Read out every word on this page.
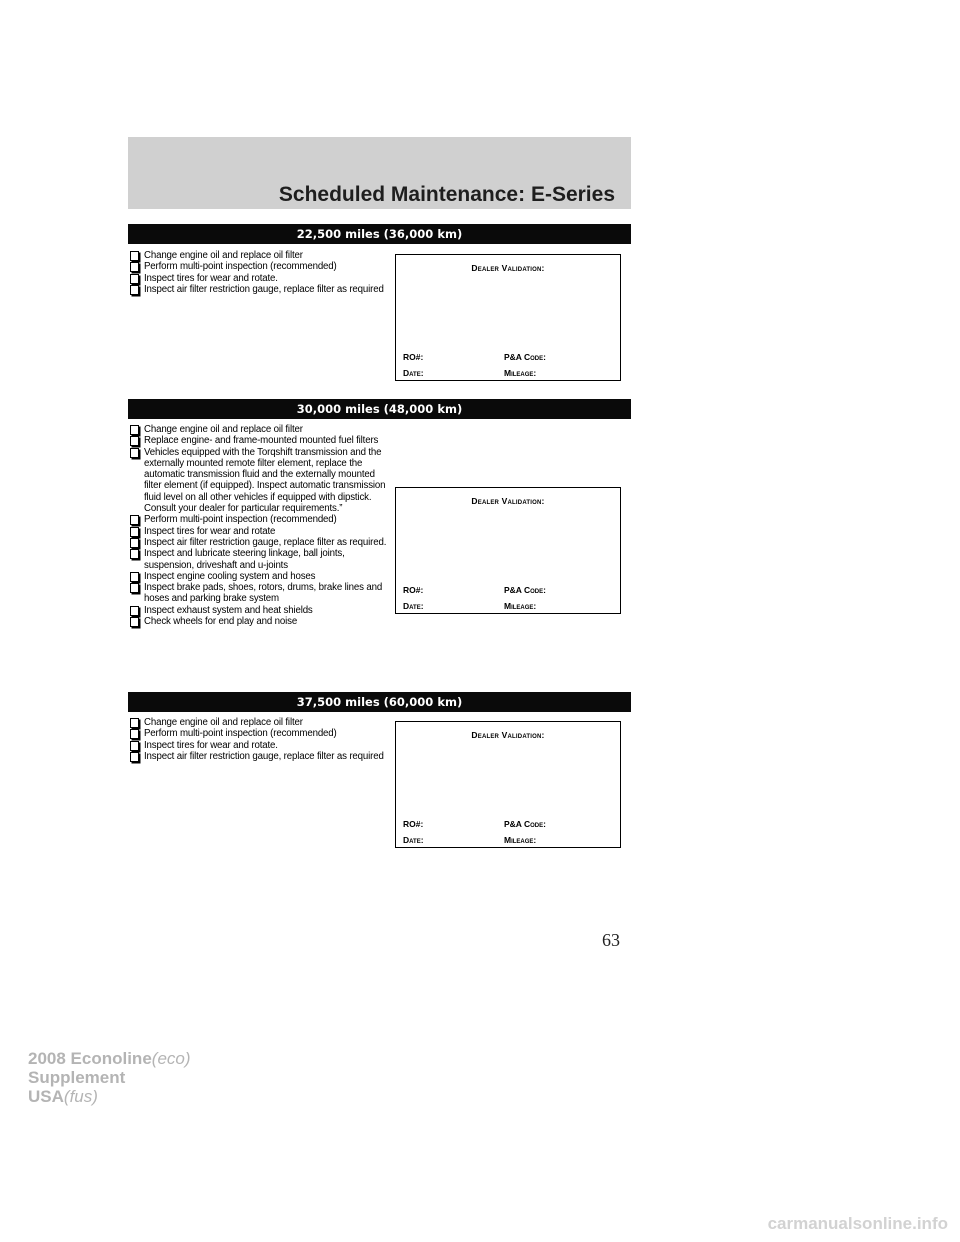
Scheduled Maintenance: E-Series
22,500 miles (36,000 km)
Change engine oil and replace oil filter
Perform multi-point inspection (recommended)
Inspect tires for wear and rotate.
Inspect air filter restriction gauge, replace filter as required
Dealer Validation:
RO#:	P&A Code:
Date:	Mileage:
30,000 miles (48,000 km)
Change engine oil and replace oil filter
Replace engine- and frame-mounted mounted fuel filters
Vehicles equipped with the Torqshift transmission and the externally mounted remote filter element, replace the automatic transmission fluid and the externally mounted filter element (if equipped). Inspect automatic transmission fluid level on all other vehicles if equipped with dipstick. Consult your dealer for particular requirements.”
Perform multi-point inspection (recommended)
Inspect tires for wear and rotate
Inspect air filter restriction gauge, replace filter as required.
Inspect and lubricate steering linkage, ball joints, suspension, driveshaft and u-joints
Inspect engine cooling system and hoses
Inspect brake pads, shoes, rotors, drums, brake lines and hoses and parking brake system
Inspect exhaust system and heat shields
Check wheels for end play and noise
Dealer Validation:
RO#:	P&A Code:
Date:	Mileage:
37,500 miles (60,000 km)
Change engine oil and replace oil filter
Perform multi-point inspection (recommended)
Inspect tires for wear and rotate.
Inspect air filter restriction gauge, replace filter as required
Dealer Validation:
RO#:	P&A Code:
Date:	Mileage:
63
2008 Econoline(eco)
Supplement
USA(fus)
carmanualsonline.info
